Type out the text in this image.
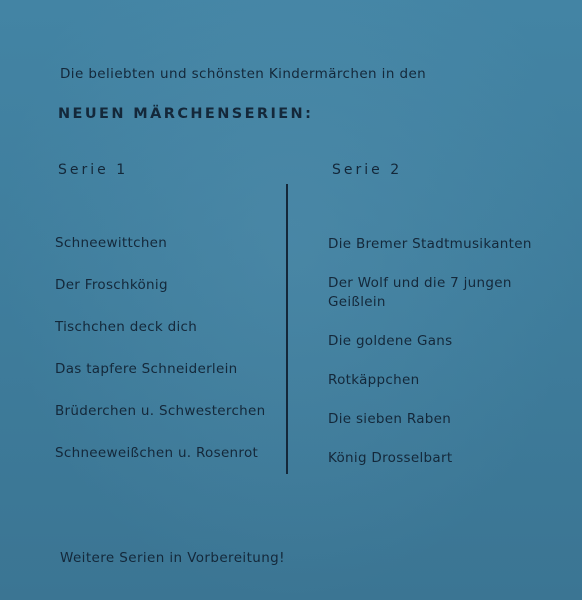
Die beliebten und schönsten Kindermärchen in den
NEUEN MÄRCHENSERIEN:
Serie 1	Serie 2
Schneewittchen
Der Froschkönig
Tischchen deck dich
Das tapfere Schneiderlein
Brüderchen u. Schwesterchen
Schneeweißchen u. Rosenrot
Die Bremer Stadtmusikanten
Der Wolf und die 7 jungen Geißlein
Die goldene Gans
Rotkäppchen
Die sieben Raben
König Drosselbart
Weitere Serien in Vorbereitung!
